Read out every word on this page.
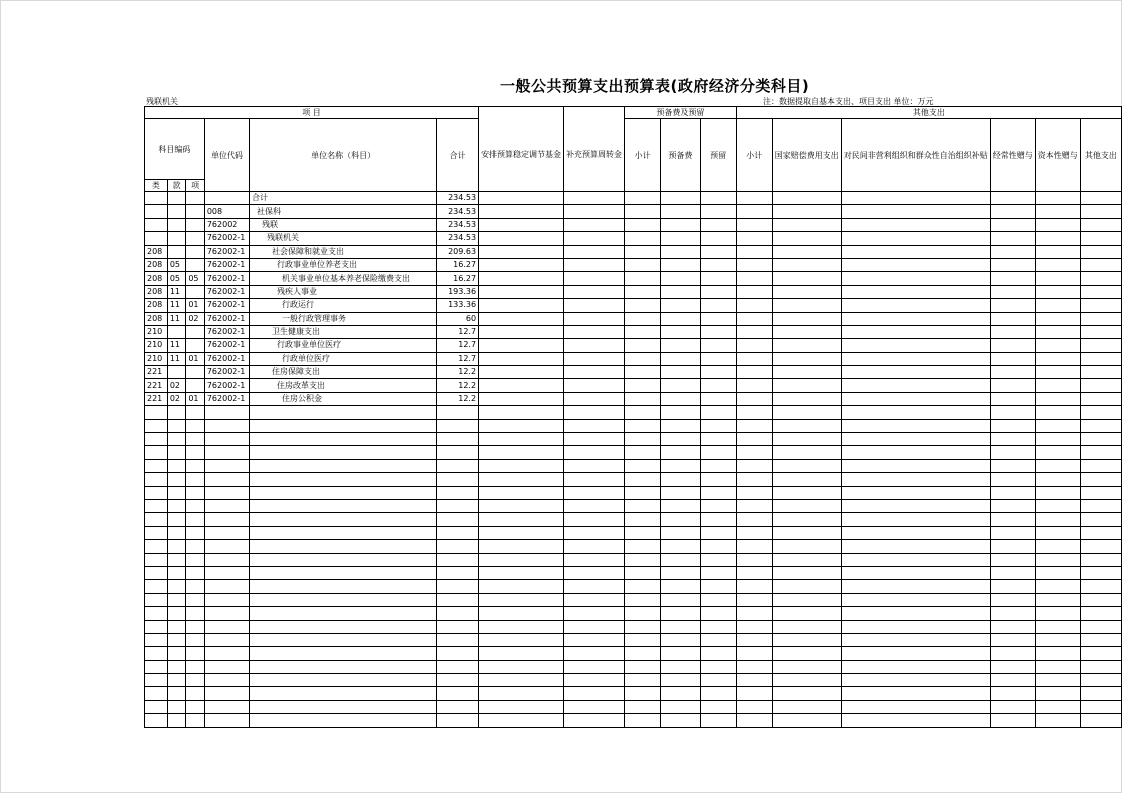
一般公共预算支出预算表(政府经济分类科目)
残联机关	注：数据提取自基本支出、项目支出 单位：万元
项 目								预备费及预留			其他支出					
科目编码			单位代码	单位名称（科目）	合计	安排预算稳定调节基金	补充预算周转金	小计	预备费	预留	小计	国家赔偿费用支出	对民间非营利组织和群众性自治组织补贴	经常性赠与	资本性赠与	其他支出
类	款	项														
				合计	234.53											
			008	社保科	234.53											
			762002	残联	234.53											
			762002-1	残联机关	234.53											
208			762002-1	社会保障和就业支出	209.63											
208	05		762002-1	行政事业单位养老支出	16.27											
208	05	05	762002-1	机关事业单位基本养老保险缴费支出	16.27											
208	11		762002-1	残疾人事业	193.36											
208	11	01	762002-1	行政运行	133.36											
208	11	02	762002-1	一般行政管理事务	60											
210			762002-1	卫生健康支出	12.7											
210	11		762002-1	行政事业单位医疗	12.7											
210	11	01	762002-1	行政单位医疗	12.7											
221			762002-1	住房保障支出	12.2											
221	02		762002-1	住房改革支出	12.2											
221	02	01	762002-1	住房公积金	12.2											
